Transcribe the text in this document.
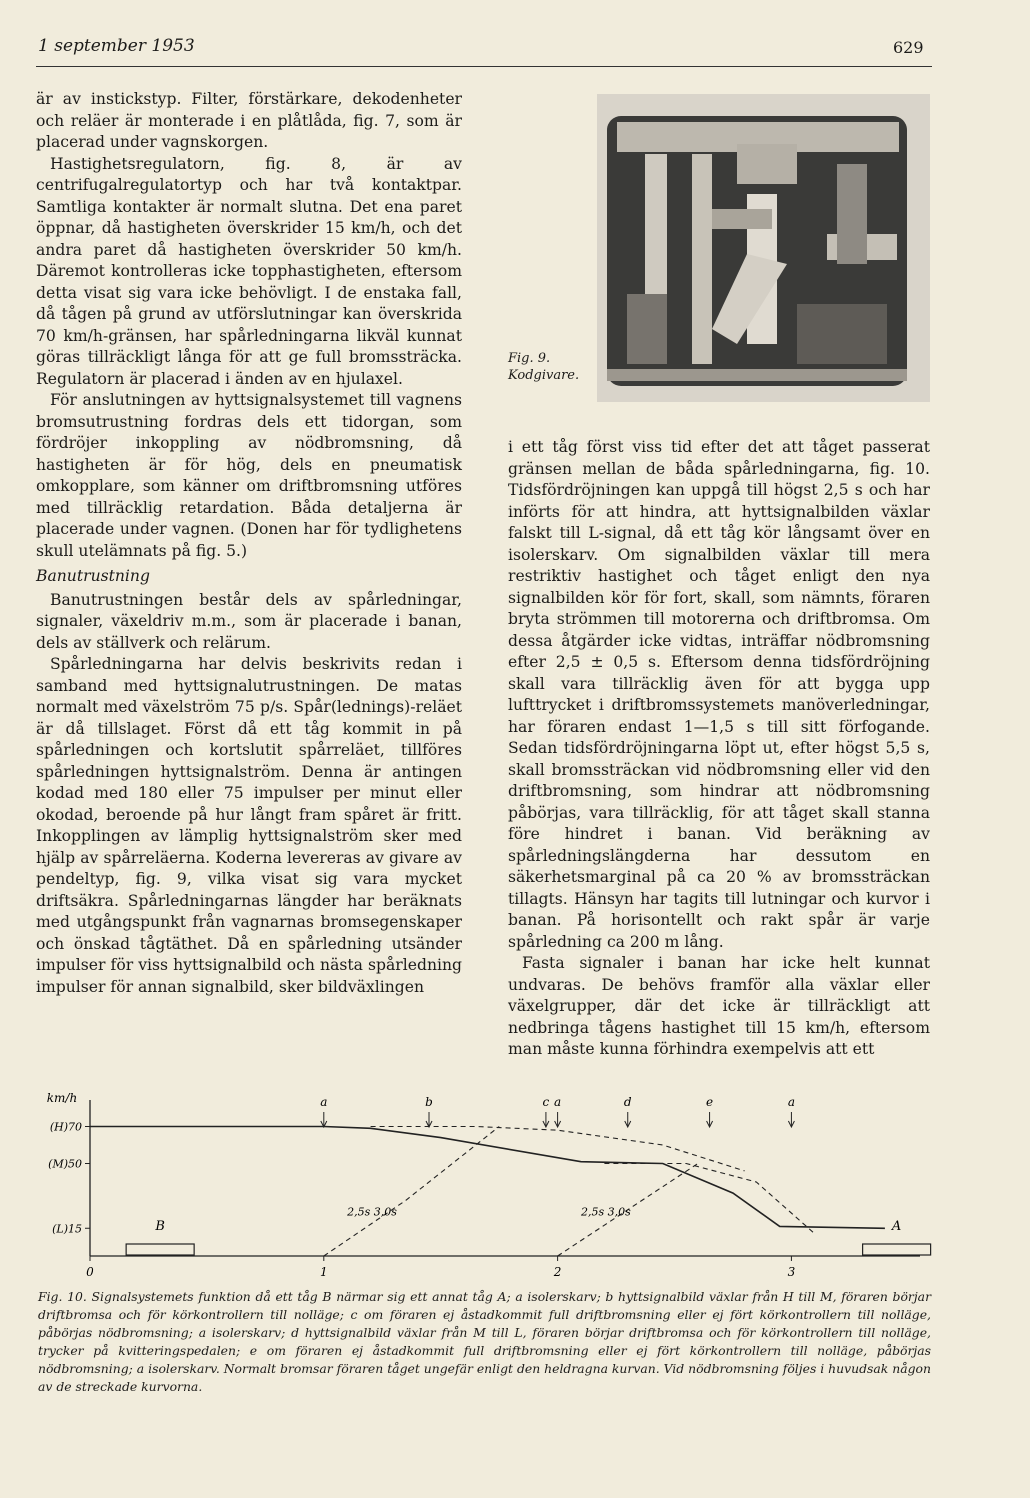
1 september 1953	629

är av instickstyp. Filter, förstärkare, dekodenheter och reläer är monterade i en plåtlåda, fig. 7, som är placerad under vagnskorgen.

Hastighetsregulatorn, fig. 8, är av centrifugalregulatortyp och har två kontaktpar. Samtliga kontakter är normalt slutna. Det ena paret öppnar, då hastigheten överskrider 15 km/h, och det andra paret då hastigheten överskrider 50 km/h. Däremot kontrolleras icke topphastigheten, eftersom detta visat sig vara icke behövligt. I de enstaka fall, då tågen på grund av utförslutningar kan överskrida 70 km/h-gränsen, har spårledningarna likväl kunnat göras tillräckligt långa för att ge full bromssträcka. Regulatorn är placerad i änden av en hjulaxel.

För anslutningen av hyttsignalsystemet till vagnens bromsutrustning fordras dels ett tidorgan, som fördröjer inkoppling av nödbromsning, då hastigheten är för hög, dels en pneumatisk omkopplare, som känner om driftbromsning utföres med tillräcklig retardation. Båda detaljerna är placerade under vagnen. (Donen har för tydlighetens skull utelämnats på fig. 5.)

Banutrustning

Banutrustningen består dels av spårledningar, signaler, växeldriv m.m., som är placerade i banan, dels av ställverk och relärum.

Spårledningarna har delvis beskrivits redan i samband med hyttsignalutrustningen. De matas normalt med växelström 75 p/s. Spår(lednings)-reläet är då tillslaget. Först då ett tåg kommit in på spårledningen och kortslutit spårreläet, tillföres spårledningen hyttsignalström. Denna är antingen kodad med 180 eller 75 impulser per minut eller okodad, beroende på hur långt fram spåret är fritt. Inkopplingen av lämplig hyttsignalström sker med hjälp av spårreläerna. Koderna levereras av givare av pendeltyp, fig. 9, vilka visat sig vara mycket driftsäkra. Spårledningarnas längder har beräknats med utgångspunkt från vagnarnas bromsegenskaper och önskad tågtäthet. Då en spårledning utsänder impulser för viss hyttsignalbild och nästa spårledning impulser för annan signalbild, sker bildväxlingen

Fig. 9.
Kodgivare.

i ett tåg först viss tid efter det att tåget passerat gränsen mellan de båda spårledningarna, fig. 10. Tidsfördröjningen kan uppgå till högst 2,5 s och har införts för att hindra, att hyttsignalbilden växlar falskt till L-signal, då ett tåg kör långsamt över en isolerskarv. Om signalbilden växlar till mera restriktiv hastighet och tåget enligt den nya signalbilden kör för fort, skall, som nämnts, föraren bryta strömmen till motorerna och driftbromsa. Om dessa åtgärder icke vidtas, inträffar nödbromsning efter 2,5 ± 0,5 s. Eftersom denna tidsfördröjning skall vara tillräcklig även för att bygga upp lufttrycket i driftbromssystemets manöverledningar, har föraren endast 1—1,5 s till sitt förfogande. Sedan tidsfördröjningarna löpt ut, efter högst 5,5 s, skall bromssträckan vid nödbromsning eller vid den driftbromsning, som hindrar att nödbromsning påbörjas, vara tillräcklig, för att tåget skall stanna före hindret i banan. Vid beräkning av spårledningslängderna har dessutom en säkerhetsmarginal på ca 20 % av bromssträckan tillagts. Hänsyn har tagits till lutningar och kurvor i banan. På horisontellt och rakt spår är varje spårledning ca 200 m lång.

Fasta signaler i banan har icke helt kunnat undvaras. De behövs framför alla växlar eller växelgrupper, där det icke är tillräckligt att nedbringa tågens hastighet till 15 km/h, eftersom man måste kunna förhindra exempelvis att ett

km/h
(H)70
(M)50
(L)15
0	1	2	3
a	b	c a	d	e	a
2,5s 3,0s	2,5s 3,0s
B	A
Fig. 10. Signalsystemets funktion då ett tåg B närmar sig ett annat tåg A; a isolerskarv; b hyttsignalbild växlar från H till M, föraren börjar driftbromsa och för körkontrollern till nolläge; c om föraren ej åstadkommit full driftbromsning eller ej fört körkontrollern till nolläge, påbörjas nödbromsning; a isolerskarv; d hyttsignalbild växlar från M till L, föraren börjar driftbromsa och för körkontrollern till nolläge, trycker på kvitteringspedalen; e om föraren ej åstadkommit full driftbromsning eller ej fört körkontrollern till nolläge, påbörjas nödbromsning; a isolerskarv. Normalt bromsar föraren tåget ungefär enligt den heldragna kurvan. Vid nödbromsning följes i huvudsak någon av de streckade kurvorna.
